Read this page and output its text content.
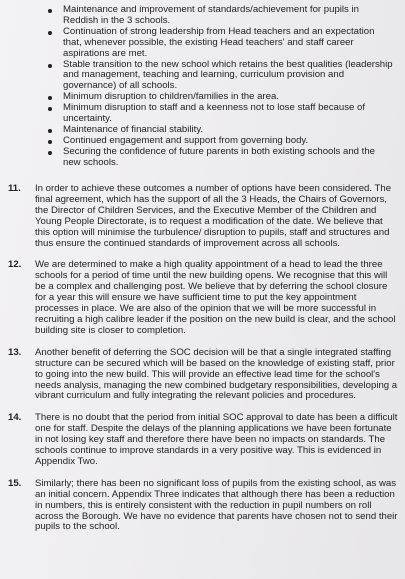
Maintenance and improvement of standards/achievement for pupils in Reddish in the 3 schools.
Continuation of strong leadership from Head teachers and an expectation that, whenever possible, the existing Head teachers' and staff career aspirations are met.
Stable transition to the new school which retains the best qualities (leadership and management, teaching and learning, curriculum provision and governance) of all schools.
Minimum disruption to children/families in the area.
Minimum disruption to staff and a keenness not to lose staff because of uncertainty.
Maintenance of financial stability.
Continued engagement and support from governing body.
Securing the confidence of future parents in both existing schools and the new schools.
11. In order to achieve these outcomes a number of options have been considered. The final agreement, which has the support of all the 3 Heads, the Chairs of Governors, the Director of Children Services, and the Executive Member of the Children and Young People Directorate, is to request a modification of the date. We believe that this option will minimise the turbulence/ disruption to pupils, staff and structures and thus ensure the continued standards of improvement across all schools.
12. We are determined to make a high quality appointment of a head to lead the three schools for a period of time until the new building opens. We recognise that this will be a complex and challenging post. We believe that by deferring the school closure for a year this will ensure we have sufficient time to put the key appointment processes in place. We are also of the opinion that we will be more successful in recruiting a high calibre leader if the position on the new build is clear, and the school building site is closer to completion.
13. Another benefit of deferring the SOC decision will be that a single integrated staffing structure can be secured which will be based on the knowledge of existing staff, prior to going into the new build. This will provide an effective lead time for the school's needs analysis, managing the new combined budgetary responsibilities, developing a vibrant curriculum and fully integrating the relevant policies and procedures.
14. There is no doubt that the period from initial SOC approval to date has been a difficult one for staff. Despite the delays of the planning applications we have been fortunate in not losing key staff and therefore there have been no impacts on standards. The schools continue to improve standards in a very positive way. This is evidenced in Appendix Two.
15. Similarly; there has been no significant loss of pupils from the existing school, as was an initial concern. Appendix Three indicates that although there has been a reduction in numbers, this is entirely consistent with the reduction in pupil numbers on roll across the Borough. We have no evidence that parents have chosen not to send their pupils to the school.
